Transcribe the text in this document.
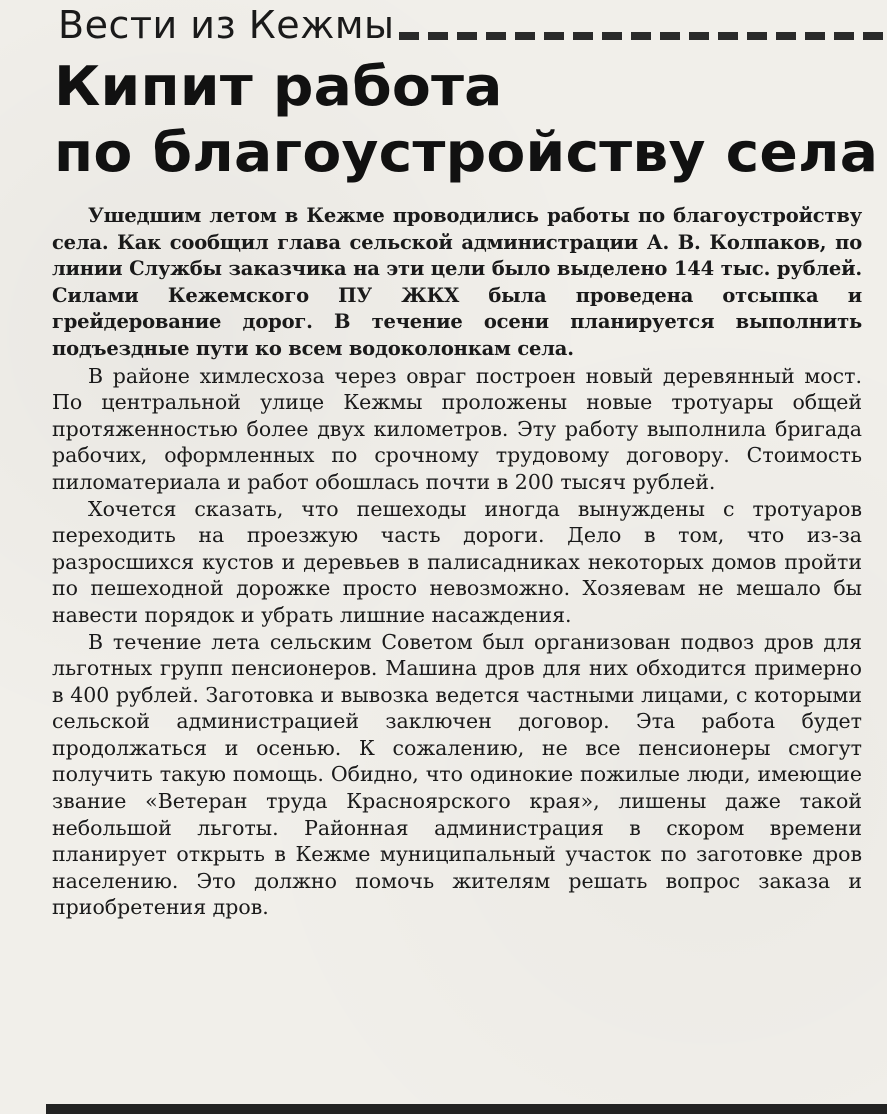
Вести из Кежмы
Кипит работа
по благоустройству села

Ушедшим летом в Кежме проводились работы по благоустройству села. Как сообщил глава сельской администрации А. В. Колпаков, по линии Службы заказчика на эти цели было выделено 144 тыс. рублей. Силами Кежемского ПУ ЖКХ была проведена отсыпка и грейдерование дорог. В течение осени планируется выполнить подъездные пути ко всем водоколонкам села.

В районе химлесхоза через овраг построен новый деревянный мост. По центральной улице Кежмы проложены новые тротуары общей протяженностью более двух километров. Эту работу выполнила бригада рабочих, оформленных по срочному трудовому договору. Стоимость пиломатериала и работ обошлась почти в 200 тысяч рублей.

Хочется сказать, что пешеходы иногда вынуждены с тротуаров переходить на проезжую часть дороги. Дело в том, что из-за разросшихся кустов и деревьев в палисадниках некоторых домов пройти по пешеходной дорожке просто невозможно. Хозяевам не мешало бы навести порядок и убрать лишние насаждения.

В течение лета сельским Советом был организован подвоз дров для льготных групп пенсионеров. Машина дров для них обходится примерно в 400 рублей. Заготовка и вывозка ведется частными лицами, с которыми сельской администрацией заключен договор. Эта работа будет продолжаться и осенью. К сожалению, не все пенсионеры смогут получить такую помощь. Обидно, что одинокие пожилые люди, имеющие звание «Ветеран труда Красноярского края», лишены даже такой небольшой льготы. Районная администрация в скором времени планирует открыть в Кежме муниципальный участок по заготовке дров населению. Это должно помочь жителям решать вопрос заказа и приобретения дров.
